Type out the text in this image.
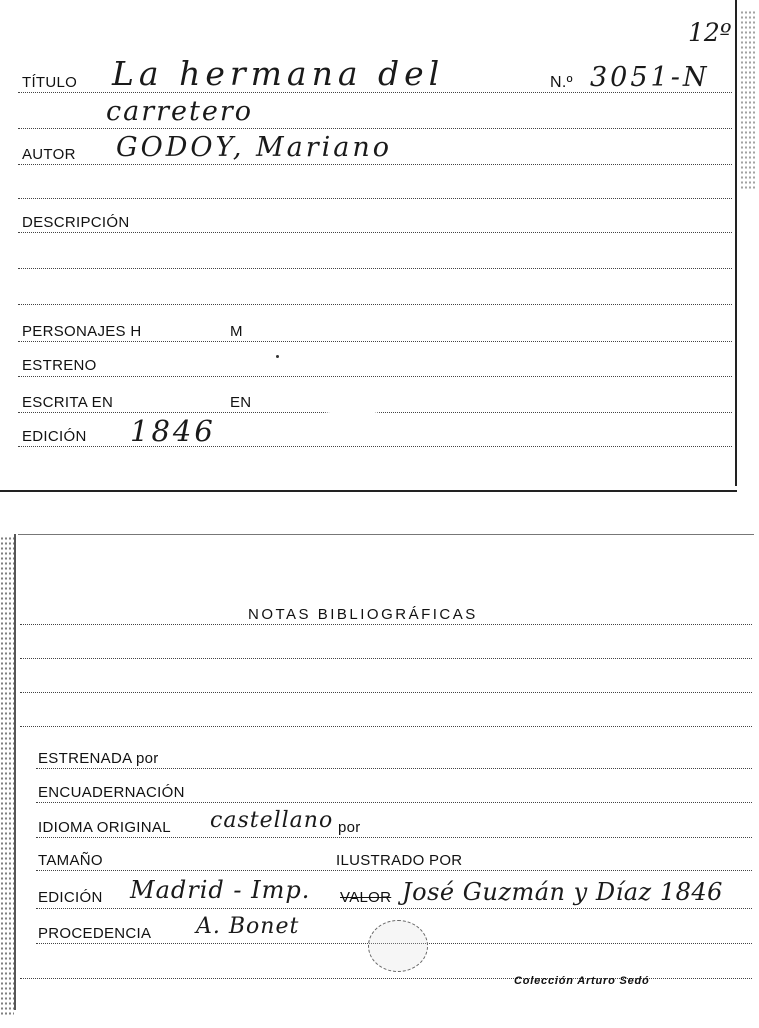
12º
TÍTULO La hermana del	N.º 3051-N
carretero
AUTOR GODOY, Mariano
DESCRIPCIÓN
PERSONAJES H	M
ESTRENO
ESCRITA EN	EN
EDICIÓN 1846
NOTAS BIBLIOGRÁFICAS
ESTRENADA por
ENCUADERNACIÓN
IDIOMA ORIGINAL castellano por
TAMAÑO	ILUSTRADO POR
EDICIÓN Madrid - Imp. VALOR José Guzmán y Díaz 1846
PROCEDENCIA A. Bonet
Colección Arturo Sedó
